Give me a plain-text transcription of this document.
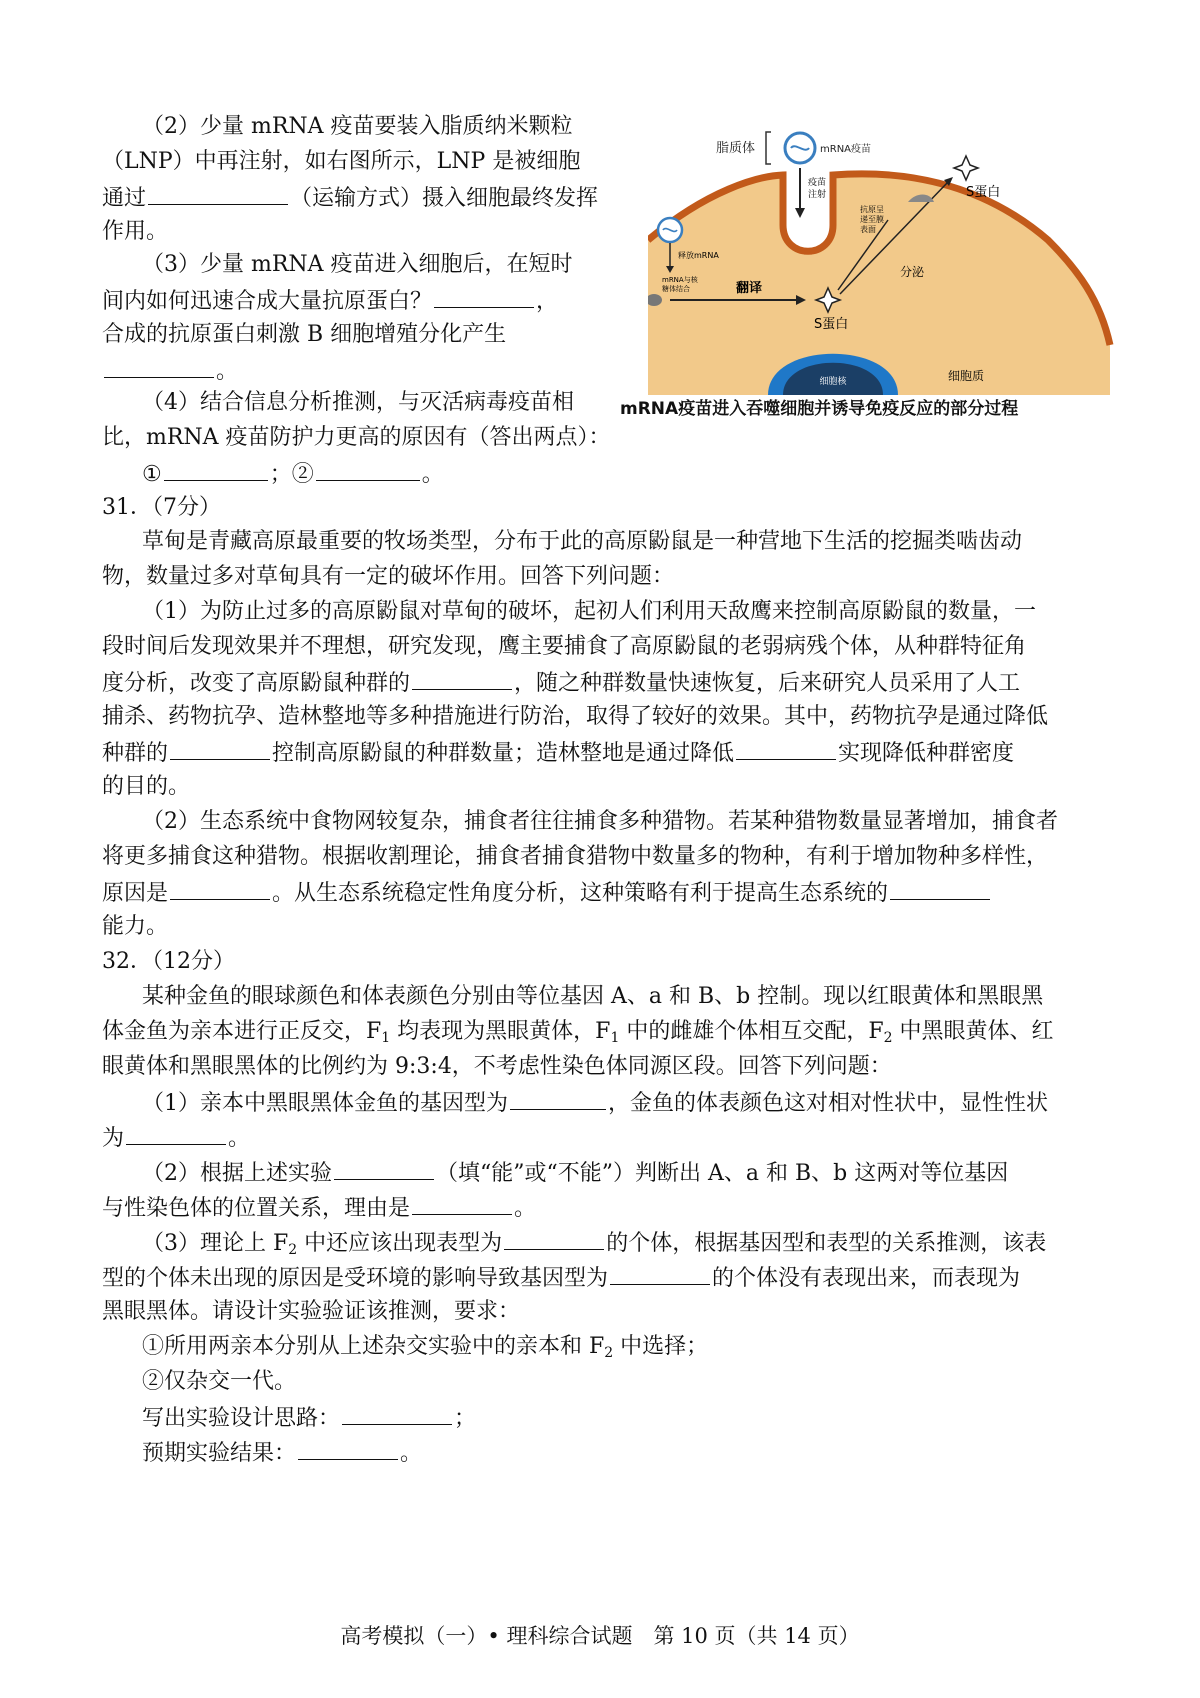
（2）少量 mRNA 疫苗要装入脂质纳米颗粒
（LNP）中再注射，如右图所示，LNP 是被细胞
通过	（运输方式）摄入细胞最终发挥
作用。
（3）少量 mRNA 疫苗进入细胞后，在短时
间内如何迅速合成大量抗原蛋白？	，
合成的抗原蛋白刺激 B 细胞增殖分化产生
。
（4）结合信息分析推测，与灭活病毒疫苗相
比，mRNA 疫苗防护力更高的原因有（答出两点）：
①	；②	。
细胞核
脂质体	mRNA疫苗
疫苗
注射
释放mRNA
mRNA与核
糖体结合	翻译
S蛋白
抗原呈
递至膜
表面
分泌
S蛋白
细胞质
mRNA疫苗进入吞噬细胞并诱导免疫反应的部分过程
31．（7分）
草甸是青藏高原最重要的牧场类型，分布于此的高原鼢鼠是一种营地下生活的挖掘类啮齿动
物，数量过多对草甸具有一定的破坏作用。回答下列问题：
（1）为防止过多的高原鼢鼠对草甸的破坏，起初人们利用天敌鹰来控制高原鼢鼠的数量，一
段时间后发现效果并不理想，研究发现，鹰主要捕食了高原鼢鼠的老弱病残个体，从种群特征角
度分析，改变了高原鼢鼠种群的	，随之种群数量快速恢复，后来研究人员采用了人工
捕杀、药物抗孕、造林整地等多种措施进行防治，取得了较好的效果。其中，药物抗孕是通过降低
种群的	控制高原鼢鼠的种群数量；造林整地是通过降低	实现降低种群密度
的目的。
（2）生态系统中食物网较复杂，捕食者往往捕食多种猎物。若某种猎物数量显著增加，捕食者
将更多捕食这种猎物。根据收割理论，捕食者捕食猎物中数量多的物种，有利于增加物种多样性，
原因是	。从生态系统稳定性角度分析，这种策略有利于提高生态系统的
能力。
32．（12分）
某种金鱼的眼球颜色和体表颜色分别由等位基因 A、a 和 B、b 控制。现以红眼黄体和黑眼黑
体金鱼为亲本进行正反交，$F_1$ 均表现为黑眼黄体，$F_1$ 中的雌雄个体相互交配，$F_2$ 中黑眼黄体、红
眼黄体和黑眼黑体的比例约为 9:3:4，不考虑性染色体同源区段。回答下列问题：
（1）亲本中黑眼黑体金鱼的基因型为	，金鱼的体表颜色这对相对性状中，显性性状
为	。
（2）根据上述实验	（填“能”或“不能”）判断出 A、a 和 B、b 这两对等位基因
与性染色体的位置关系，理由是	。
（3）理论上 $F_2$ 中还应该出现表型为	的个体，根据基因型和表型的关系推测，该表
型的个体未出现的原因是受环境的影响导致基因型为	的个体没有表现出来，而表现为
黑眼黑体。请设计实验验证该推测，要求：
①所用两亲本分别从上述杂交实验中的亲本和 $F_2$ 中选择；
②仅杂交一代。
写出实验设计思路：	；
预期实验结果：	。
高考模拟（一）• 理科综合试题　第 10 页（共 14 页）
